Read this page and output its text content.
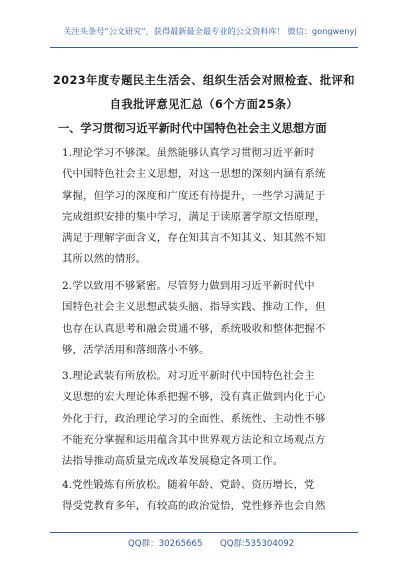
关注头条号“公文研究”，获得最新最全最专业的公文资料库！ 微信：gongwenyj
2023年度专题民主生活会、组织生活会对照检查、批评和
自我批评意见汇总（6个方面25条）
一、学习贯彻习近平新时代中国特色社会主义思想方面
1.理论学习不够深。虽然能够认真学习贯彻习近平新时
代中国特色社会主义思想，对这一思想的深刻内涵有系统
掌握，但学习的深度和广度还有待提升，一些学习满足于
完成组织安排的集中学习，满足于读原著学原文悟原理，
满足于理解字面含义，存在知其言不知其义、知其然不知
其所以然的情形。
2.学以致用不够紧密。尽管努力做到用习近平新时代中
国特色社会主义思想武装头脑、指导实践、推动工作，但
也存在认真思考和融会贯通不够，系统吸收和整体把握不
够，活学活用和落细落小不够。
3.理论武装有所放松。对习近平新时代中国特色社会主
义思想的宏大理论体系把握不够，没有真正做到内化于心
外化于行，政治理论学习的全面性、系统性、主动性不够
不能充分掌握和运用蕴含其中世界观方法论和立场观点方
法指导推动高质量完成改革发展稳定各项工作。
4.党性锻炼有所放松。随着年龄、党龄、资历增长，党
得受党教育多年，有较高的政治觉悟，党性修养也会自然
QQ群：30265665 QQ群:535304092
